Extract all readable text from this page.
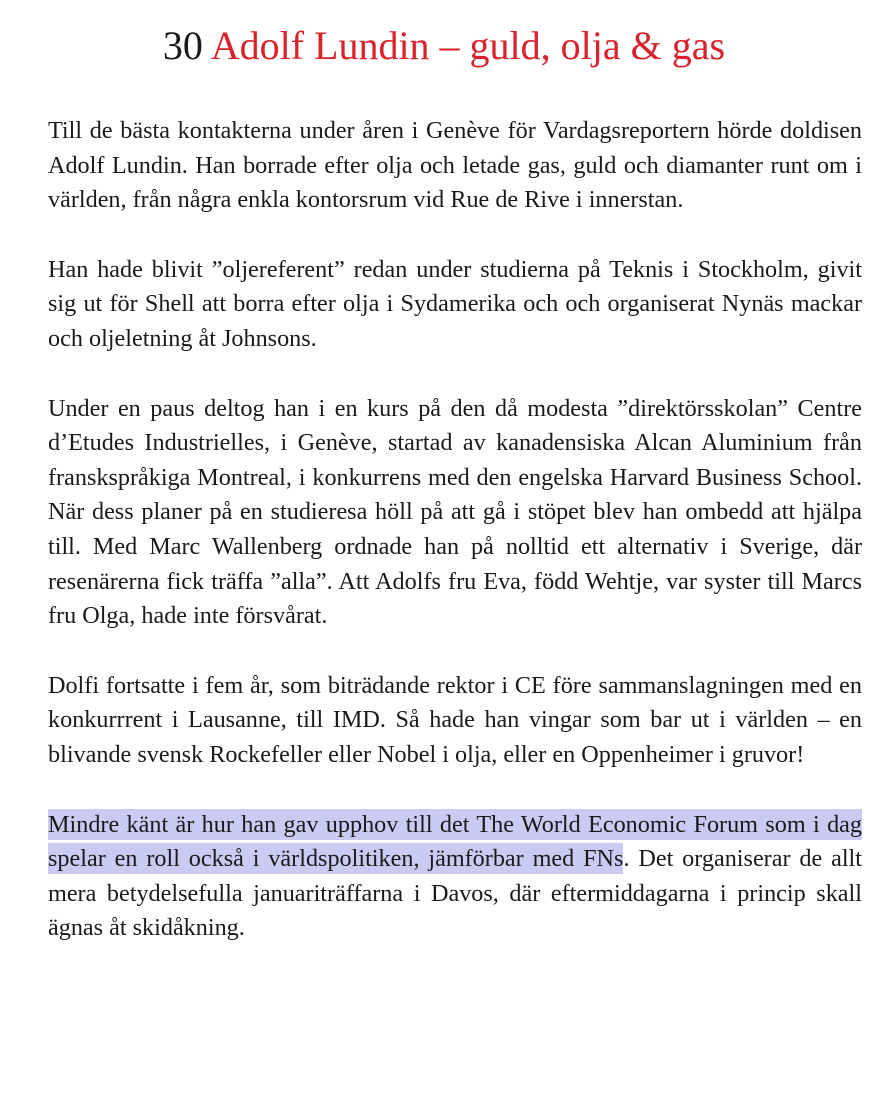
30 Adolf Lundin – guld, olja & gas

Till de bästa kontakterna under åren i Genève för Vardagsreportern hörde doldisen Adolf Lundin. Han borrade efter olja och letade gas, guld och diamanter runt om i världen, från några enkla kontorsrum vid Rue de Rive i innerstan.

Han hade blivit ”oljereferent” redan under studierna på Teknis i Stockholm, givit sig ut för Shell att borra efter olja i Sydamerika och och organiserat Nynäs mackar och oljeletning åt Johnsons.

Under en paus deltog han i en kurs på den då modesta ”direktörsskolan” Centre d’Etudes Industrielles, i Genève, startad av kanadensiska Alcan Aluminium från franskspråkiga Montreal, i konkurrens med den engelska Harvard Business School. När dess planer på en studieresa höll på att gå i stöpet blev han ombedd att hjälpa till. Med Marc Wallenberg ordnade han på nolltid ett alternativ i Sverige, där resenärerna fick träffa ”alla”. Att Adolfs fru Eva, född Wehtje, var syster till Marcs fru Olga, hade inte försvårat.

Dolfi fortsatte i fem år, som biträdande rektor i CE före sammanslagningen med en konkurrrent i Lausanne, till IMD. Så hade han vingar som bar ut i världen – en blivande svensk Rockefeller eller Nobel i olja, eller en Oppenheimer i gruvor!

Mindre känt är hur han gav upphov till det The World Economic Forum som i dag spelar en roll också i världspolitiken, jämförbar med FNs. Det organiserar de allt mera betydelsefulla januariträffarna i Davos, där eftermiddagarna i princip skall ägnas åt skidåkning.
